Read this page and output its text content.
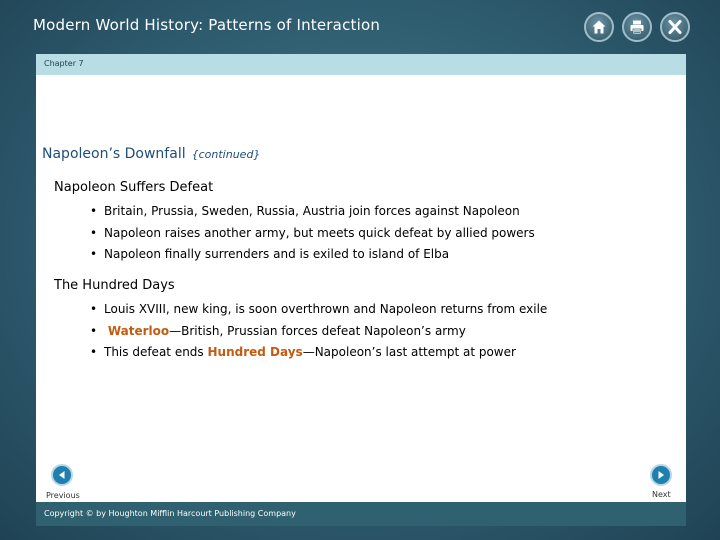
Modern World History: Patterns of Interaction
Chapter 7
Napoleon’s Downfall {continued}
Napoleon Suffers Defeat
• Britain, Prussia, Sweden, Russia, Austria join forces against Napoleon
• Napoleon raises another army, but meets quick defeat by allied powers
• Napoleon finally surrenders and is exiled to island of Elba
The Hundred Days
• Louis XVIII, new king, is soon overthrown and Napoleon returns from exile
• Waterloo—British, Prussian forces defeat Napoleon’s army
• This defeat ends Hundred Days—Napoleon’s last attempt at power
Previous	Next
Copyright © by Houghton Mifflin Harcourt Publishing Company
